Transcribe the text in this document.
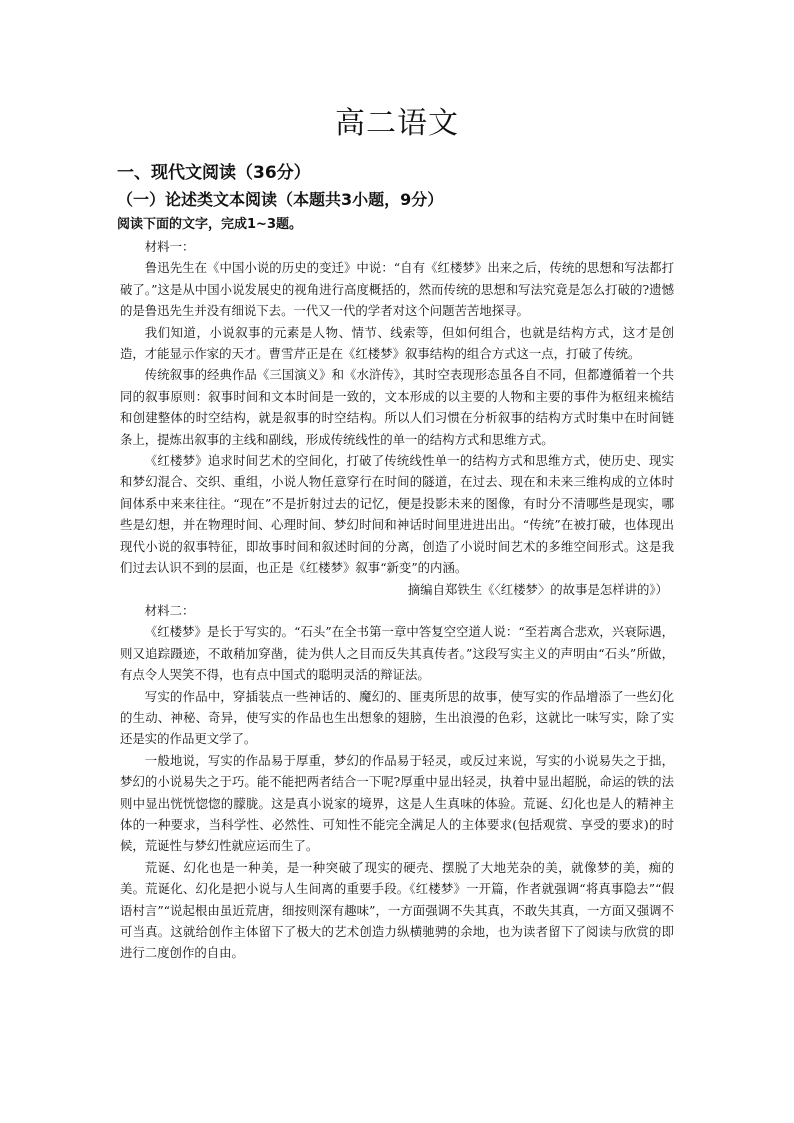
高二语文
一、现代文阅读（36分）
（一）论述类文本阅读（本题共3小题，9分）
阅读下面的文字，完成1~3题。

材料一：

鲁迅先生在《中国小说的历史的变迁》中说：“自有《红楼梦》出来之后，传统的思想和写法都打破了。”这是从中国小说发展史的视角进行高度概括的，然而传统的思想和写法究竟是怎么打破的?遗憾的是鲁迅先生并没有细说下去。一代又一代的学者对这个问题苦苦地探寻。

我们知道，小说叙事的元素是人物、情节、线索等，但如何组合，也就是结构方式，这才是创造，才能显示作家的天才。曹雪芹正是在《红楼梦》叙事结构的组合方式这一点，打破了传统。

传统叙事的经典作品《三国演义》和《水浒传》，其时空表现形态虽各自不同，但都遵循着一个共同的叙事原则：叙事时间和文本时间是一致的，文本形成的以主要的人物和主要的事件为枢纽来梳结和创建整体的时空结构，就是叙事的时空结构。所以人们习惯在分析叙事的结构方式时集中在时间链条上，提炼出叙事的主线和副线，形成传统线性的单一的结构方式和思维方式。

《红楼梦》追求时间艺术的空间化，打破了传统线性单一的结构方式和思维方式，使历史、现实和梦幻混合、交织、重组，小说人物任意穿行在时间的隧道，在过去、现在和未来三维构成的立体时间体系中来来往往。“现在”不是折射过去的记忆，便是投影未来的图像，有时分不清哪些是现实，哪些是幻想，并在物理时间、心理时间、梦幻时间和神话时间里进进出出。“传统”在被打破，也体现出现代小说的叙事特征，即故事时间和叙述时间的分离，创造了小说时间艺术的多维空间形式。这是我们过去认识不到的层面，也正是《红楼梦》叙事“新变”的内涵。

摘编自郑铁生《〈红楼梦〉的故事是怎样讲的》）

材料二：

《红楼梦》是长于写实的。“石头”在全书第一章中答复空空道人说：“至若离合悲欢，兴衰际遇，则又追踪蹑迹，不敢稍加穿凿，徒为供人之目而反失其真传者。”这段写实主义的声明由“石头”所做，有点令人哭笑不得，也有点中国式的聪明灵活的辩证法。

写实的作品中，穿插装点一些神话的、魔幻的、匪夷所思的故事，使写实的作品增添了一些幻化的生动、神秘、奇异，使写实的作品也生出想象的翅膀，生出浪漫的色彩，这就比一味写实，除了实还是实的作品更文学了。

一般地说，写实的作品易于厚重，梦幻的作品易于轻灵，或反过来说，写实的小说易失之于拙，梦幻的小说易失之于巧。能不能把两者结合一下呢?厚重中显出轻灵，执着中显出超脱，命运的铁的法则中显出恍恍惚惚的朦胧。这是真小说家的境界，这是人生真味的体验。荒诞、幻化也是人的精神主体的一种要求，当科学性、必然性、可知性不能完全满足人的主体要求(包括观赏、享受的要求)的时候，荒诞性与梦幻性就应运而生了。

荒诞、幻化也是一种美，是一种突破了现实的硬壳、摆脱了大地芜杂的美，就像梦的美，痴的美。荒诞化、幻化是把小说与人生间离的重要手段。《红楼梦》一开篇，作者就强调“将真事隐去”“假语村言”“说起根由虽近荒唐，细按则深有趣味”，一方面强调不失其真，不敢失其真，一方面又强调不可当真。这就给创作主体留下了极大的艺术创造力纵横驰骋的余地，也为读者留下了阅读与欣赏的即进行二度创作的自由。
